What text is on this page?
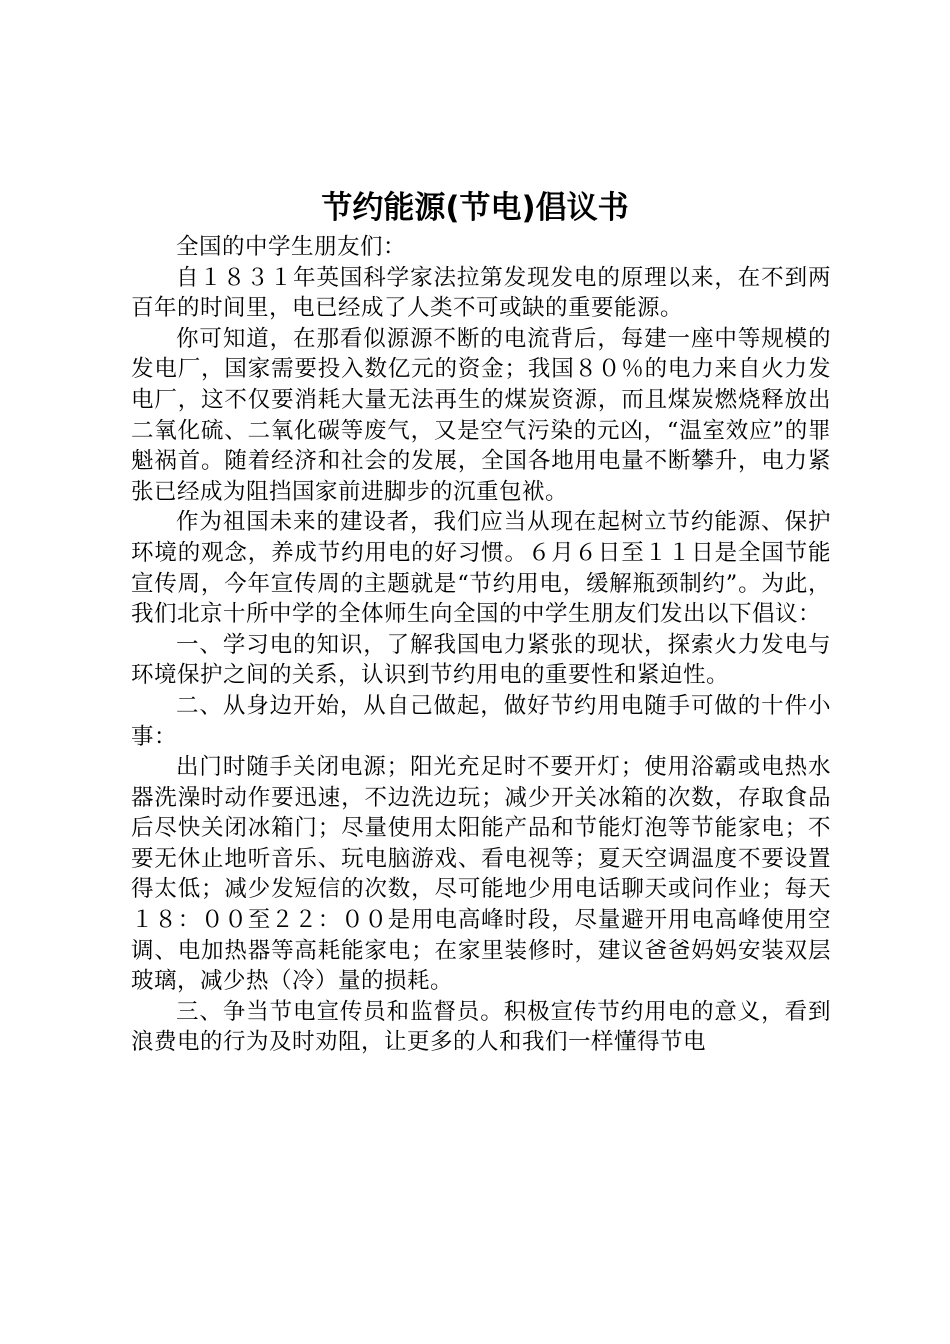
节约能源(节电)倡议书

全国的中学生朋友们：

自１８３１年英国科学家法拉第发现发电的原理以来，在不到两百年的时间里，电已经成了人类不可或缺的重要能源。

你可知道，在那看似源源不断的电流背后，每建一座中等规模的发电厂，国家需要投入数亿元的资金；我国８０％的电力来自火力发电厂，这不仅要消耗大量无法再生的煤炭资源，而且煤炭燃烧释放出二氧化硫、二氧化碳等废气，又是空气污染的元凶，“温室效应”的罪魁祸首。随着经济和社会的发展，全国各地用电量不断攀升，电力紧张已经成为阻挡国家前进脚步的沉重包袱。

作为祖国未来的建设者，我们应当从现在起树立节约能源、保护环境的观念，养成节约用电的好习惯。６月６日至１１日是全国节能宣传周，今年宣传周的主题就是“节约用电，缓解瓶颈制约”。为此，我们北京十所中学的全体师生向全国的中学生朋友们发出以下倡议：

一、学习电的知识，了解我国电力紧张的现状，探索火力发电与环境保护之间的关系，认识到节约用电的重要性和紧迫性。

二、从身边开始，从自己做起，做好节约用电随手可做的十件小事：

出门时随手关闭电源；阳光充足时不要开灯；使用浴霸或电热水器洗澡时动作要迅速，不边洗边玩；减少开关冰箱的次数，存取食品后尽快关闭冰箱门；尽量使用太阳能产品和节能灯泡等节能家电；不要无休止地听音乐、玩电脑游戏、看电视等；夏天空调温度不要设置得太低；减少发短信的次数，尽可能地少用电话聊天或问作业；每天１８：００至２２：００是用电高峰时段，尽量避开用电高峰使用空调、电加热器等高耗能家电；在家里装修时，建议爸爸妈妈安装双层玻璃，减少热（冷）量的损耗。

三、争当节电宣传员和监督员。积极宣传节约用电的意义，看到浪费电的行为及时劝阻，让更多的人和我们一样懂得节电
